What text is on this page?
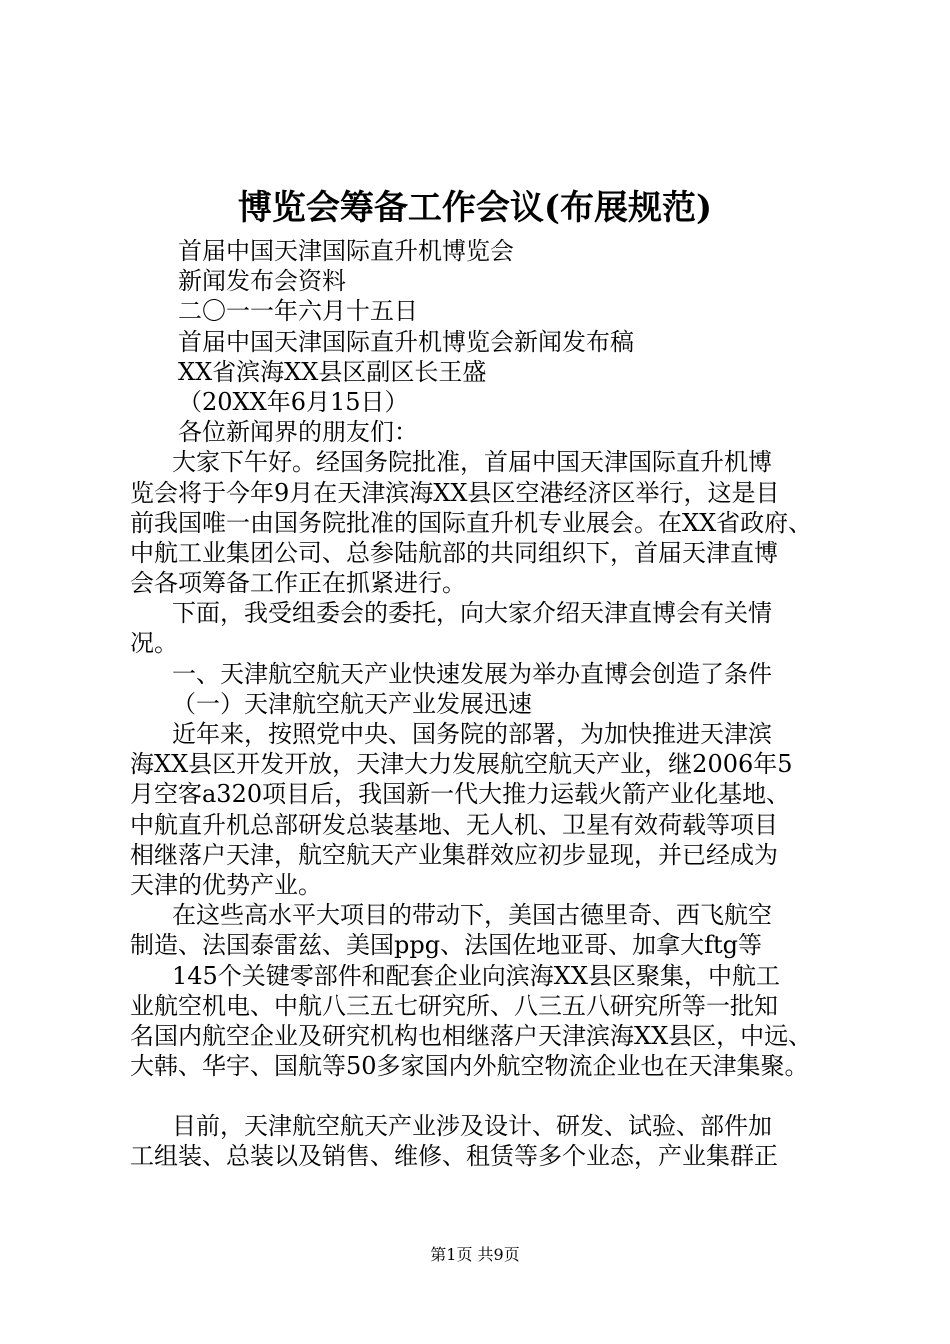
博览会筹备工作会议(布展规范)
首届中国天津国际直升机博览会
新闻发布会资料
二〇一一年六月十五日
首届中国天津国际直升机博览会新闻发布稿
XX省滨海XX县区副区长王盛
（20XX年6月15日）
各位新闻界的朋友们：
大家下午好。经国务院批准，首届中国天津国际直升机博
览会将于今年9月在天津滨海XX县区空港经济区举行，这是目
前我国唯一由国务院批准的国际直升机专业展会。在XX省政府、
中航工业集团公司、总参陆航部的共同组织下，首届天津直博
会各项筹备工作正在抓紧进行。
下面，我受组委会的委托，向大家介绍天津直博会有关情
况。
一、天津航空航天产业快速发展为举办直博会创造了条件
（一）天津航空航天产业发展迅速
近年来，按照党中央、国务院的部署，为加快推进天津滨
海XX县区开发开放，天津大力发展航空航天产业，继2006年5
月空客a320项目后，我国新一代大推力运载火箭产业化基地、
中航直升机总部研发总装基地、无人机、卫星有效荷载等项目
相继落户天津，航空航天产业集群效应初步显现，并已经成为
天津的优势产业。
在这些高水平大项目的带动下，美国古德里奇、西飞航空
制造、法国泰雷兹、美国ppg、法国佐地亚哥、加拿大ftg等
145个关键零部件和配套企业向滨海XX县区聚集，中航工
业航空机电、中航八三五七研究所、八三五八研究所等一批知
名国内航空企业及研究机构也相继落户天津滨海XX县区，中远、
大韩、华宇、国航等50多家国内外航空物流企业也在天津集聚。
目前，天津航空航天产业涉及设计、研发、试验、部件加
工组装、总装以及销售、维修、租赁等多个业态，产业集群正
第1页 共9页
